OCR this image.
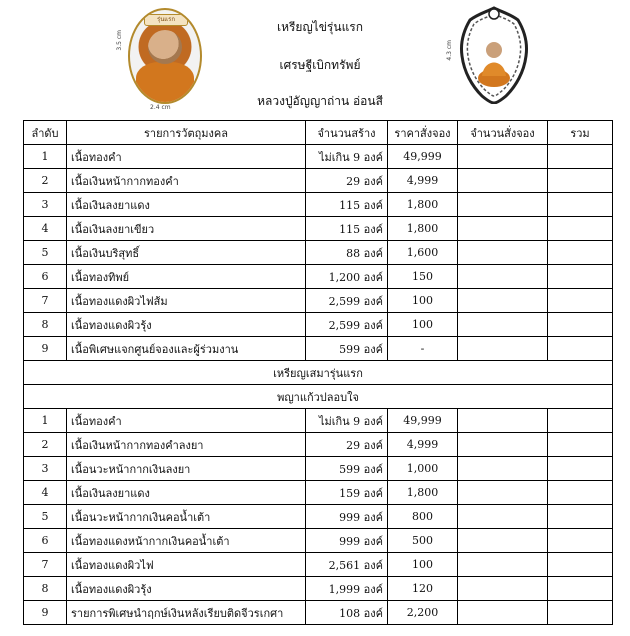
3.5 cm
รุ่นแรก
2.4 cm
เหรียญไข่รุ่นแรก
เศรษฐีเบิกทรัพย์
หลวงปู่อัญญาถ่าน อ่อนสี
4.3 cm
ลำดับ	รายการวัตถุมงคล	จำนวนสร้าง	ราคาสั่งจอง	จำนวนสั่งจอง	รวม
1	เนื้อทองคำ	ไม่เกิน 9 องค์	49,999		
2	เนื้อเงินหน้ากากทองคำ	29 องค์	4,999		
3	เนื้อเงินลงยาแดง	115 องค์	1,800		
4	เนื้อเงินลงยาเขียว	115 องค์	1,800		
5	เนื้อเงินบริสุทธิ์	88 องค์	1,600		
6	เนื้อทองทิพย์	1,200 องค์	150		
7	เนื้อทองแดงผิวไฟส้ม	2,599 องค์	100		
8	เนื้อทองแดงผิวรุ้ง	2,599 องค์	100		
9	เนื้อพิเศษแจกศูนย์จองและผู้ร่วมงาน	599 องค์	-		
เหรียญเสมารุ่นแรก					
พญาแก้วปลอบใจ					
1	เนื้อทองคำ	ไม่เกิน 9 องค์	49,999		
2	เนื้อเงินหน้ากากทองคำลงยา	29 องค์	4,999		
3	เนื้อนวะหน้ากากเงินลงยา	599 องค์	1,000		
4	เนื้อเงินลงยาแดง	159 องค์	1,800		
5	เนื้อนวะหน้ากากเงินคอน้ำเต้า	999 องค์	800		
6	เนื้อทองแดงหน้ากากเงินคอน้ำเต้า	999 องค์	500		
7	เนื้อทองแดงผิวไฟ	2,561 องค์	100		
8	เนื้อทองแดงผิวรุ้ง	1,999 องค์	120		
9	รายการพิเศษนำฤกษ์เงินหลังเรียบติดจีวรเกศา	108 องค์	2,200		
